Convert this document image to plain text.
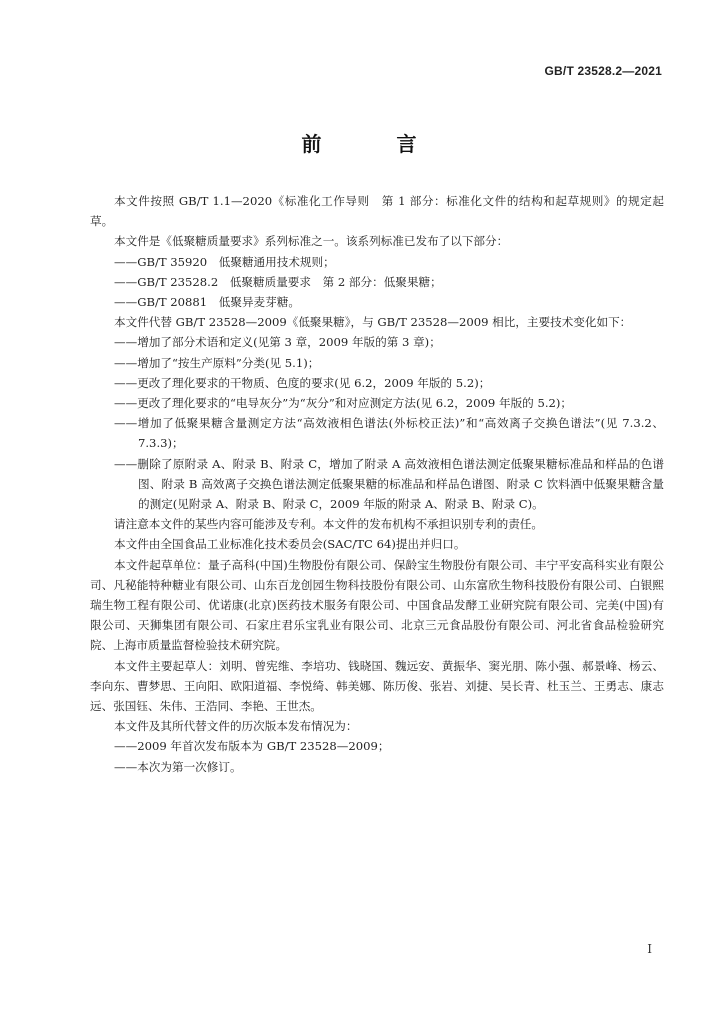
GB/T 23528.2—2021
前 言

本文件按照 GB/T 1.1—2020《标准化工作导则　第 1 部分：标准化文件的结构和起草规则》的规定起草。

本文件是《低聚糖质量要求》系列标准之一。该系列标准已发布了以下部分：

——GB/T 35920　低聚糖通用技术规则；

——GB/T 23528.2　低聚糖质量要求　第 2 部分：低聚果糖；

——GB/T 20881　低聚异麦芽糖。

本文件代替 GB/T 23528—2009《低聚果糖》，与 GB/T 23528—2009 相比，主要技术变化如下：

——增加了部分术语和定义(见第 3 章，2009 年版的第 3 章)；

——增加了“按生产原料”分类(见 5.1)；

——更改了理化要求的干物质、色度的要求(见 6.2，2009 年版的 5.2)；

——更改了理化要求的“电导灰分”为“灰分”和对应测定方法(见 6.2，2009 年版的 5.2)；

——增加了低聚果糖含量测定方法“高效液相色谱法(外标校正法)”和“高效离子交换色谱法”(见 7.3.2、7.3.3)；

——删除了原附录 A、附录 B、附录 C，增加了附录 A 高效液相色谱法测定低聚果糖标准品和样品的色谱图、附录 B 高效离子交换色谱法测定低聚果糖的标准品和样品色谱图、附录 C 饮料酒中低聚果糖含量的测定(见附录 A、附录 B、附录 C，2009 年版的附录 A、附录 B、附录 C)。

请注意本文件的某些内容可能涉及专利。本文件的发布机构不承担识别专利的责任。

本文件由全国食品工业标准化技术委员会(SAC/TC 64)提出并归口。

本文件起草单位：量子高科(中国)生物股份有限公司、保龄宝生物股份有限公司、丰宁平安高科实业有限公司、凡秘能特种糖业有限公司、山东百龙创园生物科技股份有限公司、山东富欣生物科技股份有限公司、白银熙瑞生物工程有限公司、优诺康(北京)医药技术服务有限公司、中国食品发酵工业研究院有限公司、完美(中国)有限公司、天狮集团有限公司、石家庄君乐宝乳业有限公司、北京三元食品股份有限公司、河北省食品检验研究院、上海市质量监督检验技术研究院。

本文件主要起草人：刘明、曾宪维、李培功、钱晓国、魏远安、黄振华、窦光朋、陈小强、郝景峰、杨云、李向东、曹梦思、王向阳、欧阳道福、李悦绮、韩美娜、陈历俊、张岩、刘捷、吴长青、杜玉兰、王勇志、康志远、张国钰、朱伟、王浩同、李艳、王世杰。

本文件及其所代替文件的历次版本发布情况为：

——2009 年首次发布版本为 GB/T 23528—2009；

——本次为第一次修订。

I
